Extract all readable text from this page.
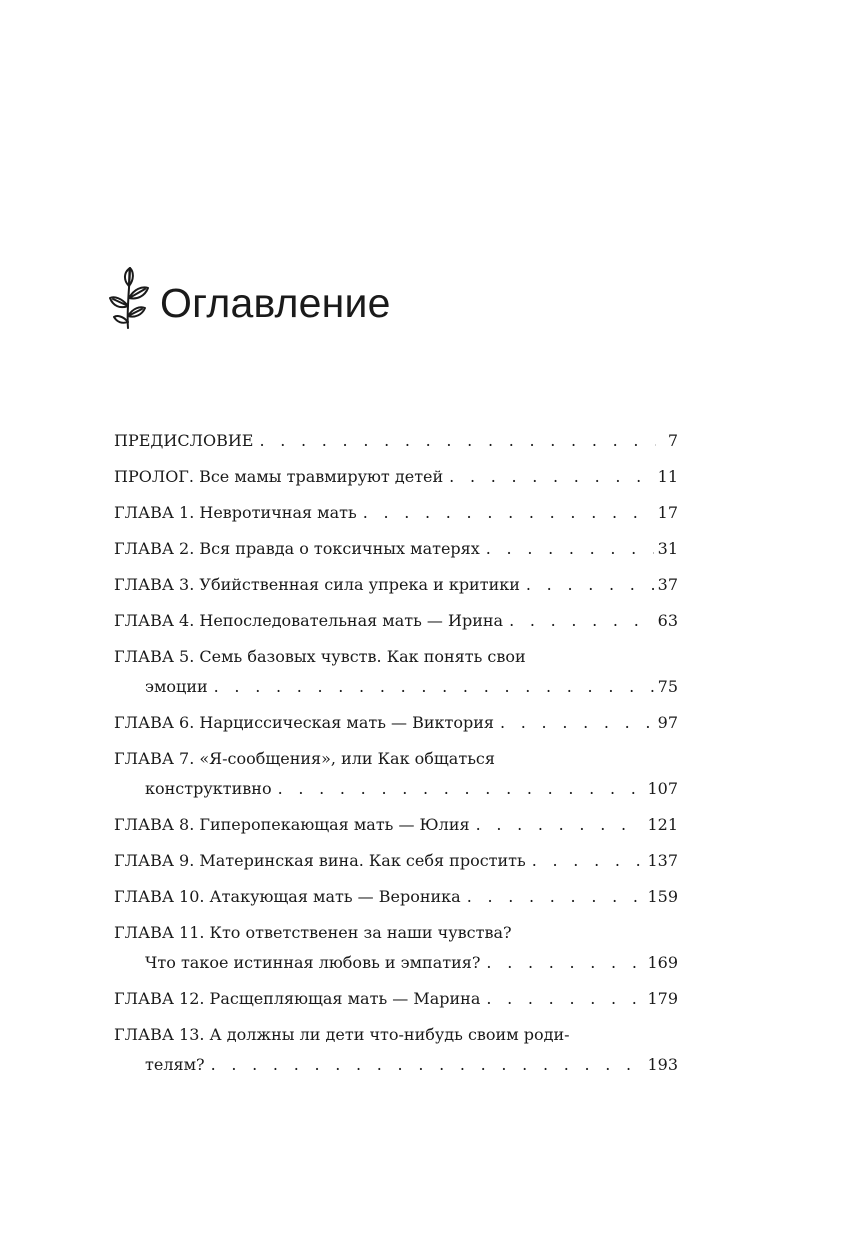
Оглавление
ПРЕДИСЛОВИЕ . . .	7
ПРОЛОГ. Все мамы травмируют детей . . .	11
ГЛАВА 1. Невротичная мать . . .	17
ГЛАВА 2. Вся правда о токсичных матерях . . .	31
ГЛАВА 3. Убийственная сила упрека и критики . . .	37
ГЛАВА 4. Непоследовательная мать — Ирина . . .	63
ГЛАВА 5. Семь базовых чувств. Как понять свои
эмоции . . .	75
ГЛАВА 6. Нарциссическая мать — Виктория . . .	97
ГЛАВА 7. «Я-сообщения», или Как общаться
конструктивно . . .	107
ГЛАВА 8. Гиперопекающая мать — Юлия . . .	121
ГЛАВА 9. Материнская вина. Как себя простить . . .	137
ГЛАВА 10. Атакующая мать — Вероника . . .	159
ГЛАВА 11. Кто ответственен за наши чувства?
Что такое истинная любовь и эмпатия? . . .	169
ГЛАВА 12. Расщепляющая мать — Марина . . .	179
ГЛАВА 13. А должны ли дети что-нибудь своим роди-
телям? . . .	193
